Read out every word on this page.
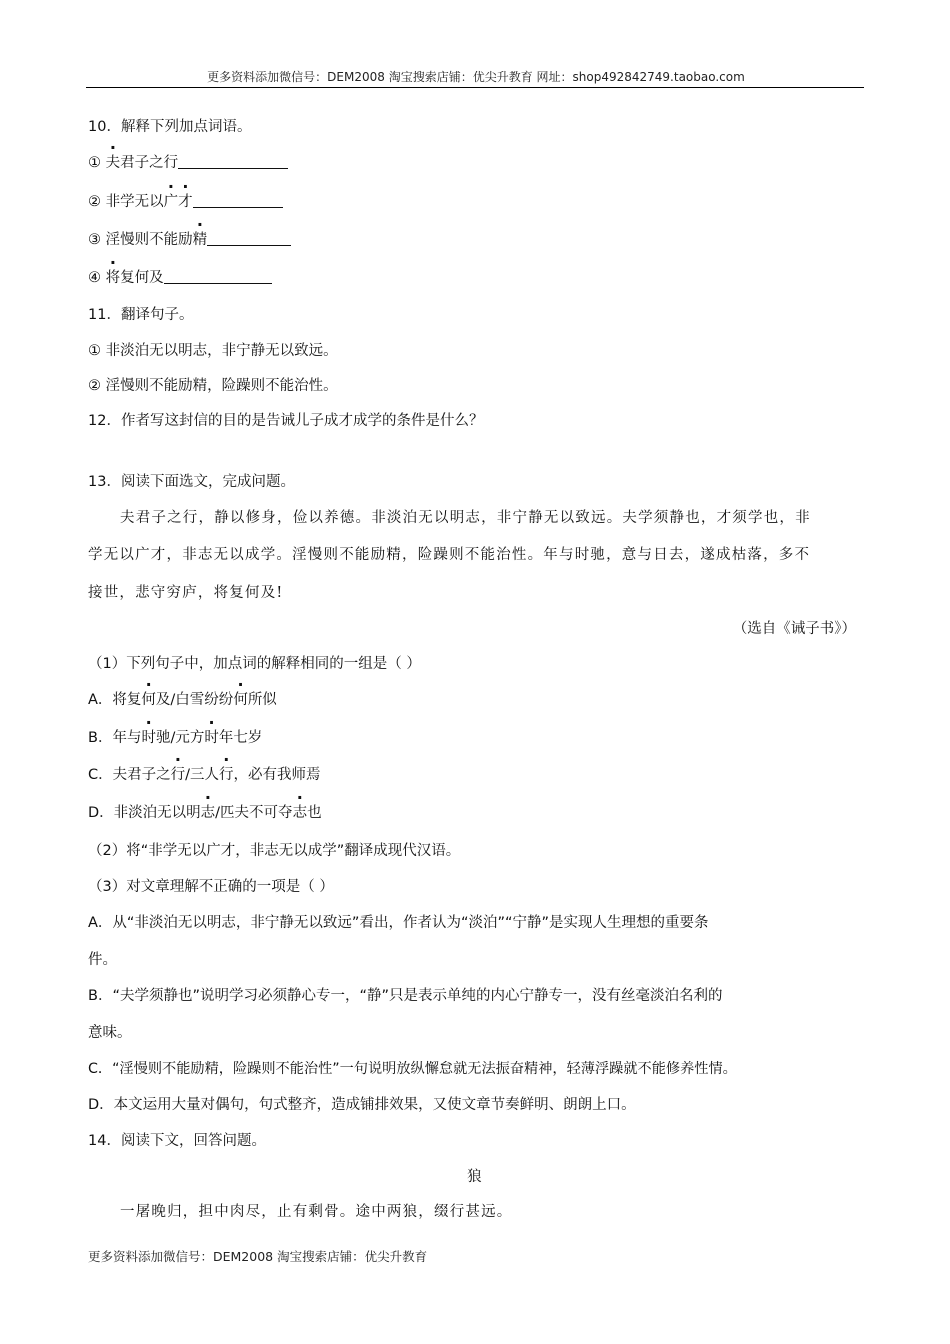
更多资料添加微信号：DEM2008 淘宝搜索店铺：优尖升教育 网址：shop492842749.taobao.com
10．解释下列加点词语。
① 夫君子之行
② 非学无以广才
③ 淫慢则不能励精
④ 将复何及
11．翻译句子。
① 非淡泊无以明志，非宁静无以致远。
② 淫慢则不能励精，险躁则不能治性。
12．作者写这封信的目的是告诫儿子成才成学的条件是什么？
13．阅读下面选文，完成问题。
夫君子之行，静以修身，俭以养德。非淡泊无以明志，非宁静无以致远。夫学须静也，才须学也，非
学无以广才，非志无以成学。淫慢则不能励精，险躁则不能治性。年与时驰，意与日去，遂成枯落，多不
接世，悲守穷庐，将复何及!
（选自《诫子书》）
（1）下列句子中，加点词的解释相同的一组是（ ）
A．将复何及/白雪纷纷何所似
B．年与时驰/元方时年七岁
C．夫君子之行/三人行，必有我师焉
D．非淡泊无以明志/匹夫不可夺志也
（2）将“非学无以广才，非志无以成学”翻译成现代汉语。
（3）对文章理解不正确的一项是（ ）
A．从“非淡泊无以明志，非宁静无以致远”看出，作者认为“淡泊”“宁静”是实现人生理想的重要条
件。
B．“夫学须静也”说明学习必须静心专一，“静”只是表示单纯的内心宁静专一，没有丝毫淡泊名利的
意味。
C．“淫慢则不能励精，险躁则不能治性”一句说明放纵懈怠就无法振奋精神，轻薄浮躁就不能修养性情。
D．本文运用大量对偶句，句式整齐，造成铺排效果，又使文章节奏鲜明、朗朗上口。
14．阅读下文，回答问题。
狼
一屠晚归，担中肉尽，止有剩骨。途中两狼，缀行甚远。
更多资料添加微信号：DEM2008 淘宝搜索店铺：优尖升教育
